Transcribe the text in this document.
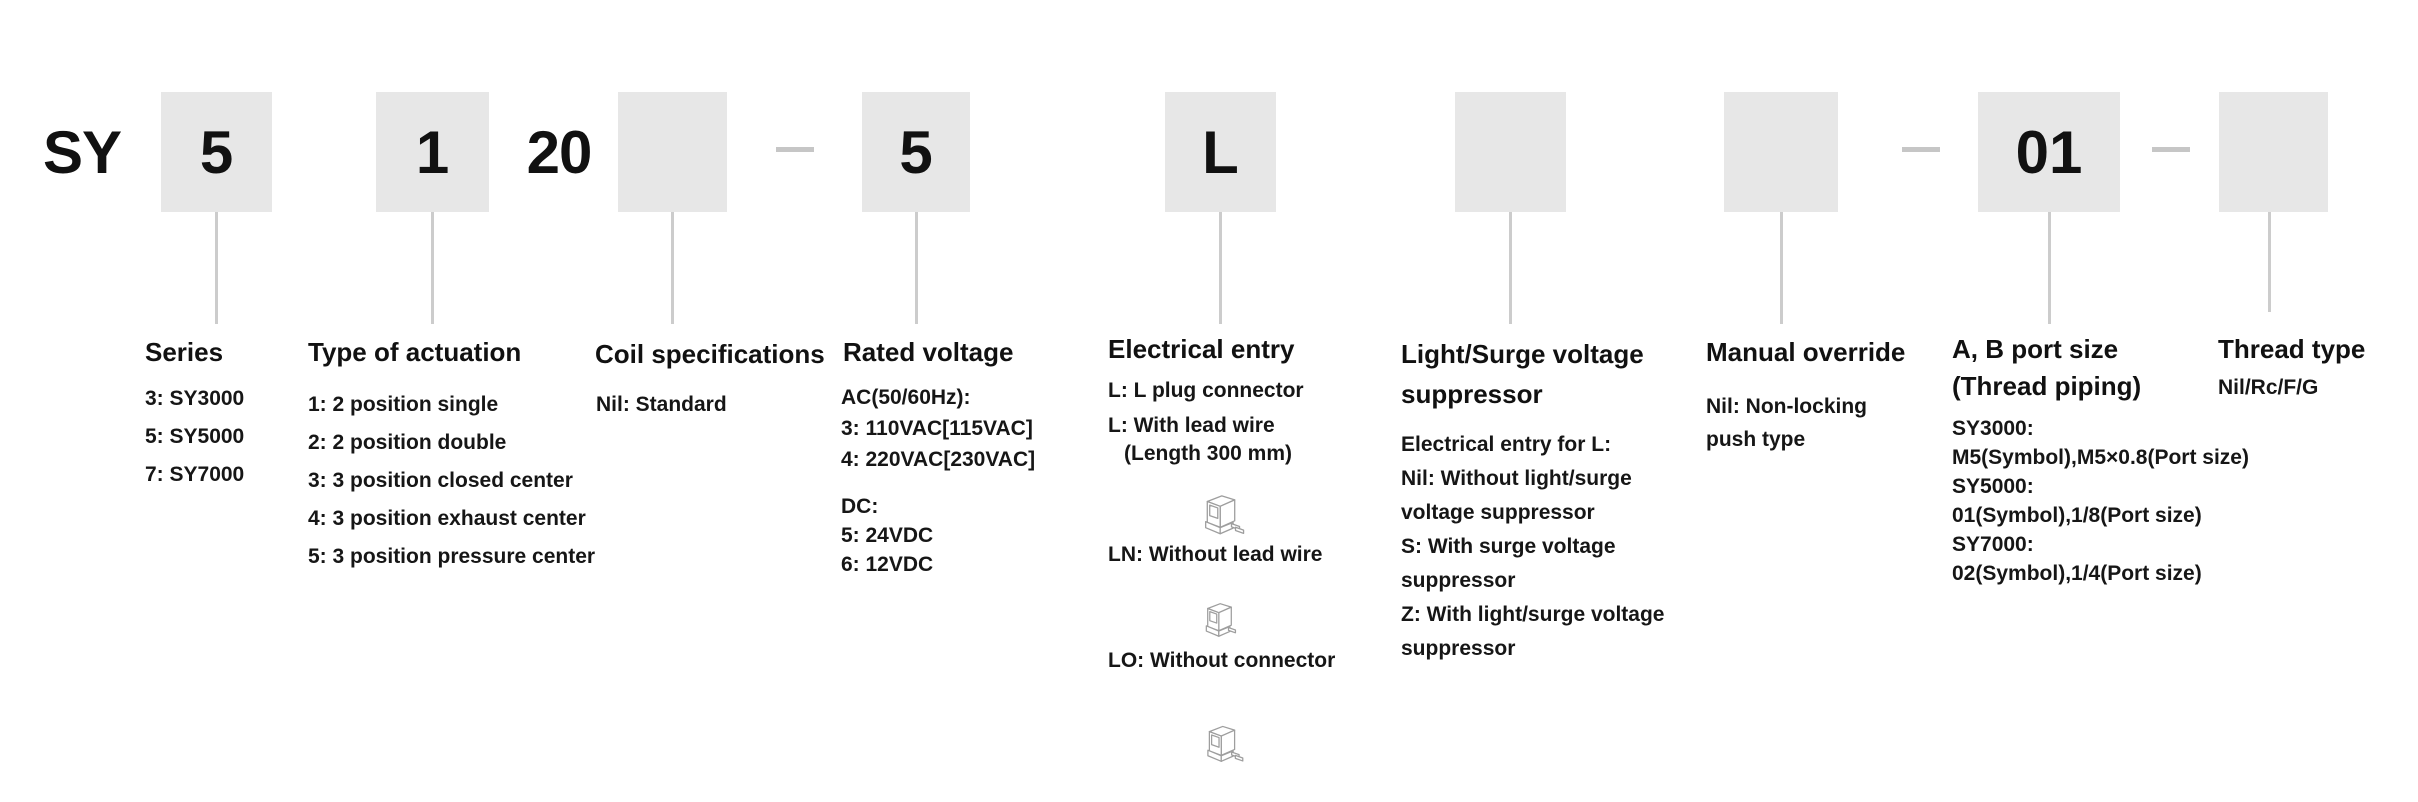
SY	5	1	20	5	L	01
Series
3: SY3000
5: SY5000
7: SY7000
Type of actuation
1: 2 position single
2: 2 position double
3: 3 position closed center
4: 3 position exhaust center
5: 3 position pressure center
Coil specifications
Nil: Standard
Rated voltage
AC(50/60Hz):
3: 110VAC[115VAC]
4: 220VAC[230VAC]
DC:
5: 24VDC
6: 12VDC
Electrical entry
L: L plug connector
L: With lead wire
(Length 300 mm)
LN: Without lead wire
LO: Without connector
Light/Surge voltage
suppressor
Electrical entry for L:
Nil: Without light/surge
voltage suppressor
S: With surge voltage
suppressor
Z: With light/surge voltage
suppressor
Manual override
Nil: Non-locking
push type
A, B port size
(Thread piping)
SY3000:
M5(Symbol),M5×0.8(Port size)
SY5000:
01(Symbol),1/8(Port size)
SY7000:
02(Symbol),1/4(Port size)
Thread type
Nil/Rc/F/G
